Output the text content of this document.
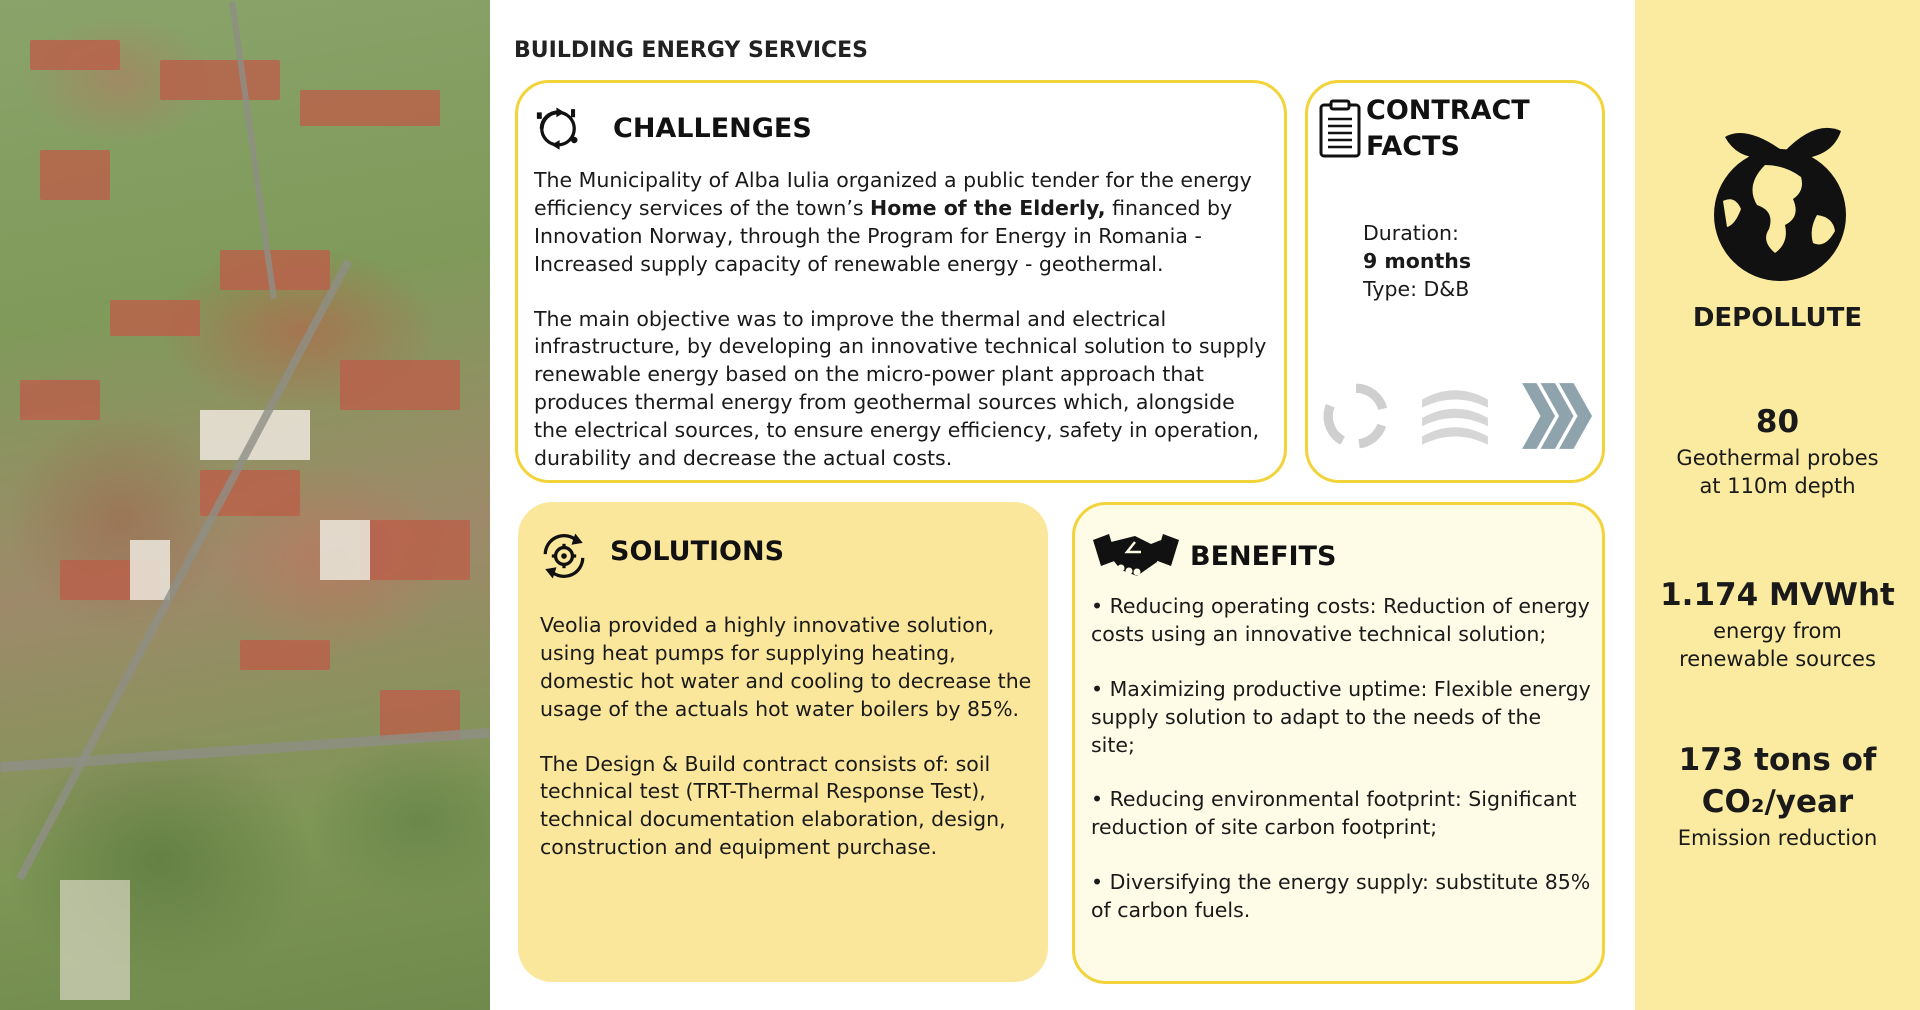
BUILDING ENERGY SERVICES
CHALLENGES

The Municipality of Alba Iulia organized a public tender for the energy efficiency services of the town’s Home of the Elderly, financed by Innovation Norway, through the Program for Energy in Romania - Increased supply capacity of renewable energy - geothermal.

The main objective was to improve the thermal and electrical infrastructure, by developing an innovative technical solution to supply renewable energy based on the micro-power plant approach that produces thermal energy from geothermal sources which, alongside the electrical sources, to ensure energy efficiency, safety in operation, durability and decrease the actual costs.

CONTRACT
FACTS
Duration:
9 months
Type: D&B
SOLUTIONS

Veolia provided a highly innovative solution, using heat pumps for supplying heating, domestic hot water and cooling to decrease the usage of the actuals hot water boilers by 85%.

The Design & Build contract consists of: soil technical test (TRT-Thermal Response Test), technical documentation elaboration, design, construction and equipment purchase.

BENEFITS
• Reducing operating costs: Reduction of energy costs using an innovative technical solution;
• Maximizing productive uptime: Flexible energy supply solution to adapt to the needs of the site;
• Reducing environmental footprint: Significant reduction of site carbon footprint;
• Diversifying the energy supply: substitute 85% of carbon fuels.
DEPOLLUTE
80
Geothermal probes
at 110m depth
1.174 MVWht
energy from
renewable sources
173 tons of
CO₂/year
Emission reduction
